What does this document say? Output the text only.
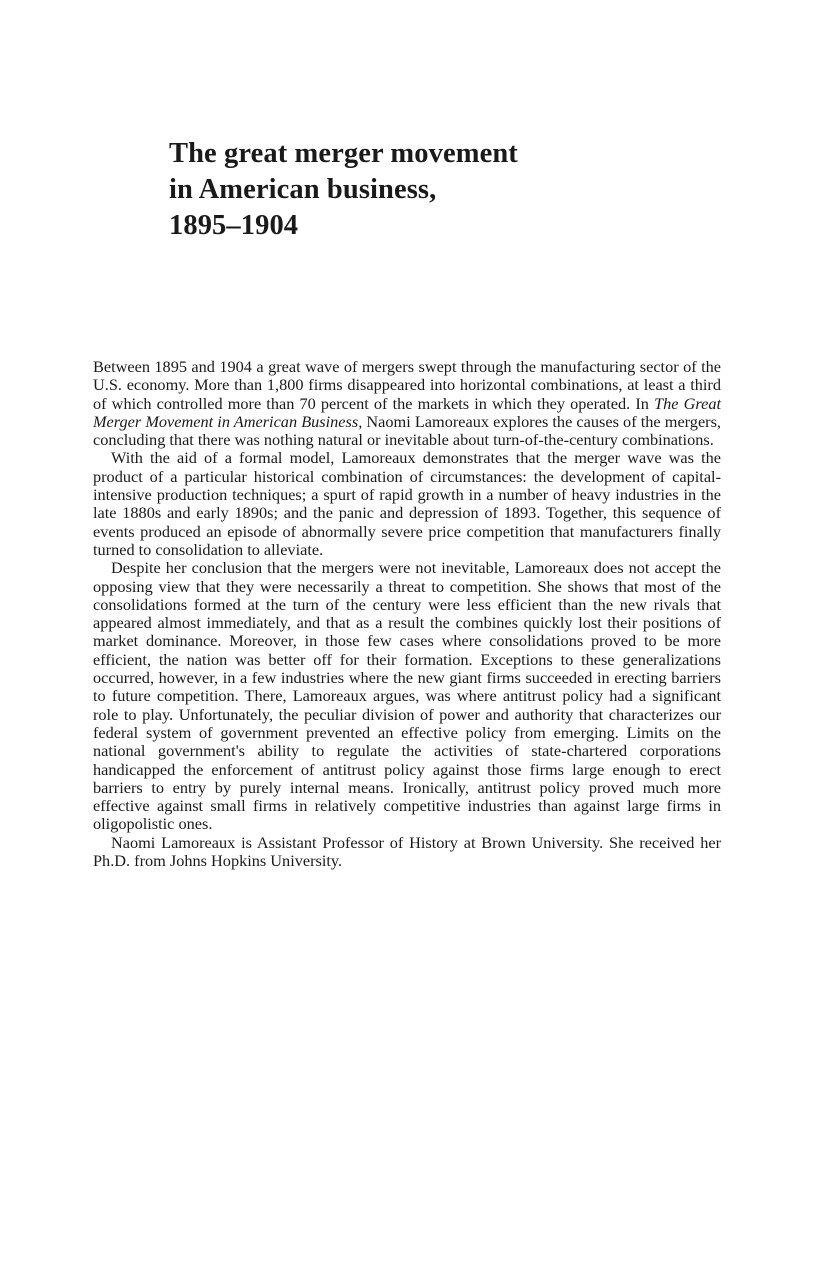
The great merger movement
in American business,
1895–1904

Between 1895 and 1904 a great wave of mergers swept through the manufacturing sector of the U.S. economy. More than 1,800 firms disappeared into horizontal combinations, at least a third of which controlled more than 70 percent of the markets in which they operated. In The Great Merger Movement in American Business, Naomi Lamoreaux explores the causes of the mergers, concluding that there was nothing natural or inevitable about turn-of-the-century combinations.

With the aid of a formal model, Lamoreaux demonstrates that the merger wave was the product of a particular historical combination of circumstances: the development of capital-intensive production techniques; a spurt of rapid growth in a number of heavy industries in the late 1880s and early 1890s; and the panic and depression of 1893. Together, this sequence of events produced an episode of abnormally severe price competition that manufacturers finally turned to consolidation to alleviate.

Despite her conclusion that the mergers were not inevitable, Lamoreaux does not accept the opposing view that they were necessarily a threat to competition. She shows that most of the consolidations formed at the turn of the century were less efficient than the new rivals that appeared almost immediately, and that as a result the combines quickly lost their positions of market dominance. Moreover, in those few cases where consolidations proved to be more efficient, the nation was better off for their formation. Exceptions to these generalizations occurred, however, in a few industries where the new giant firms succeeded in erecting barriers to future competition. There, Lamoreaux argues, was where antitrust policy had a significant role to play. Unfortunately, the peculiar division of power and authority that characterizes our federal system of government prevented an effective policy from emerging. Limits on the national government's ability to regulate the activities of state-chartered corporations handicapped the enforcement of antitrust policy against those firms large enough to erect barriers to entry by purely internal means. Ironically, antitrust policy proved much more effective against small firms in relatively competitive industries than against large firms in oligopolistic ones.

Naomi Lamoreaux is Assistant Professor of History at Brown University. She received her Ph.D. from Johns Hopkins University.
